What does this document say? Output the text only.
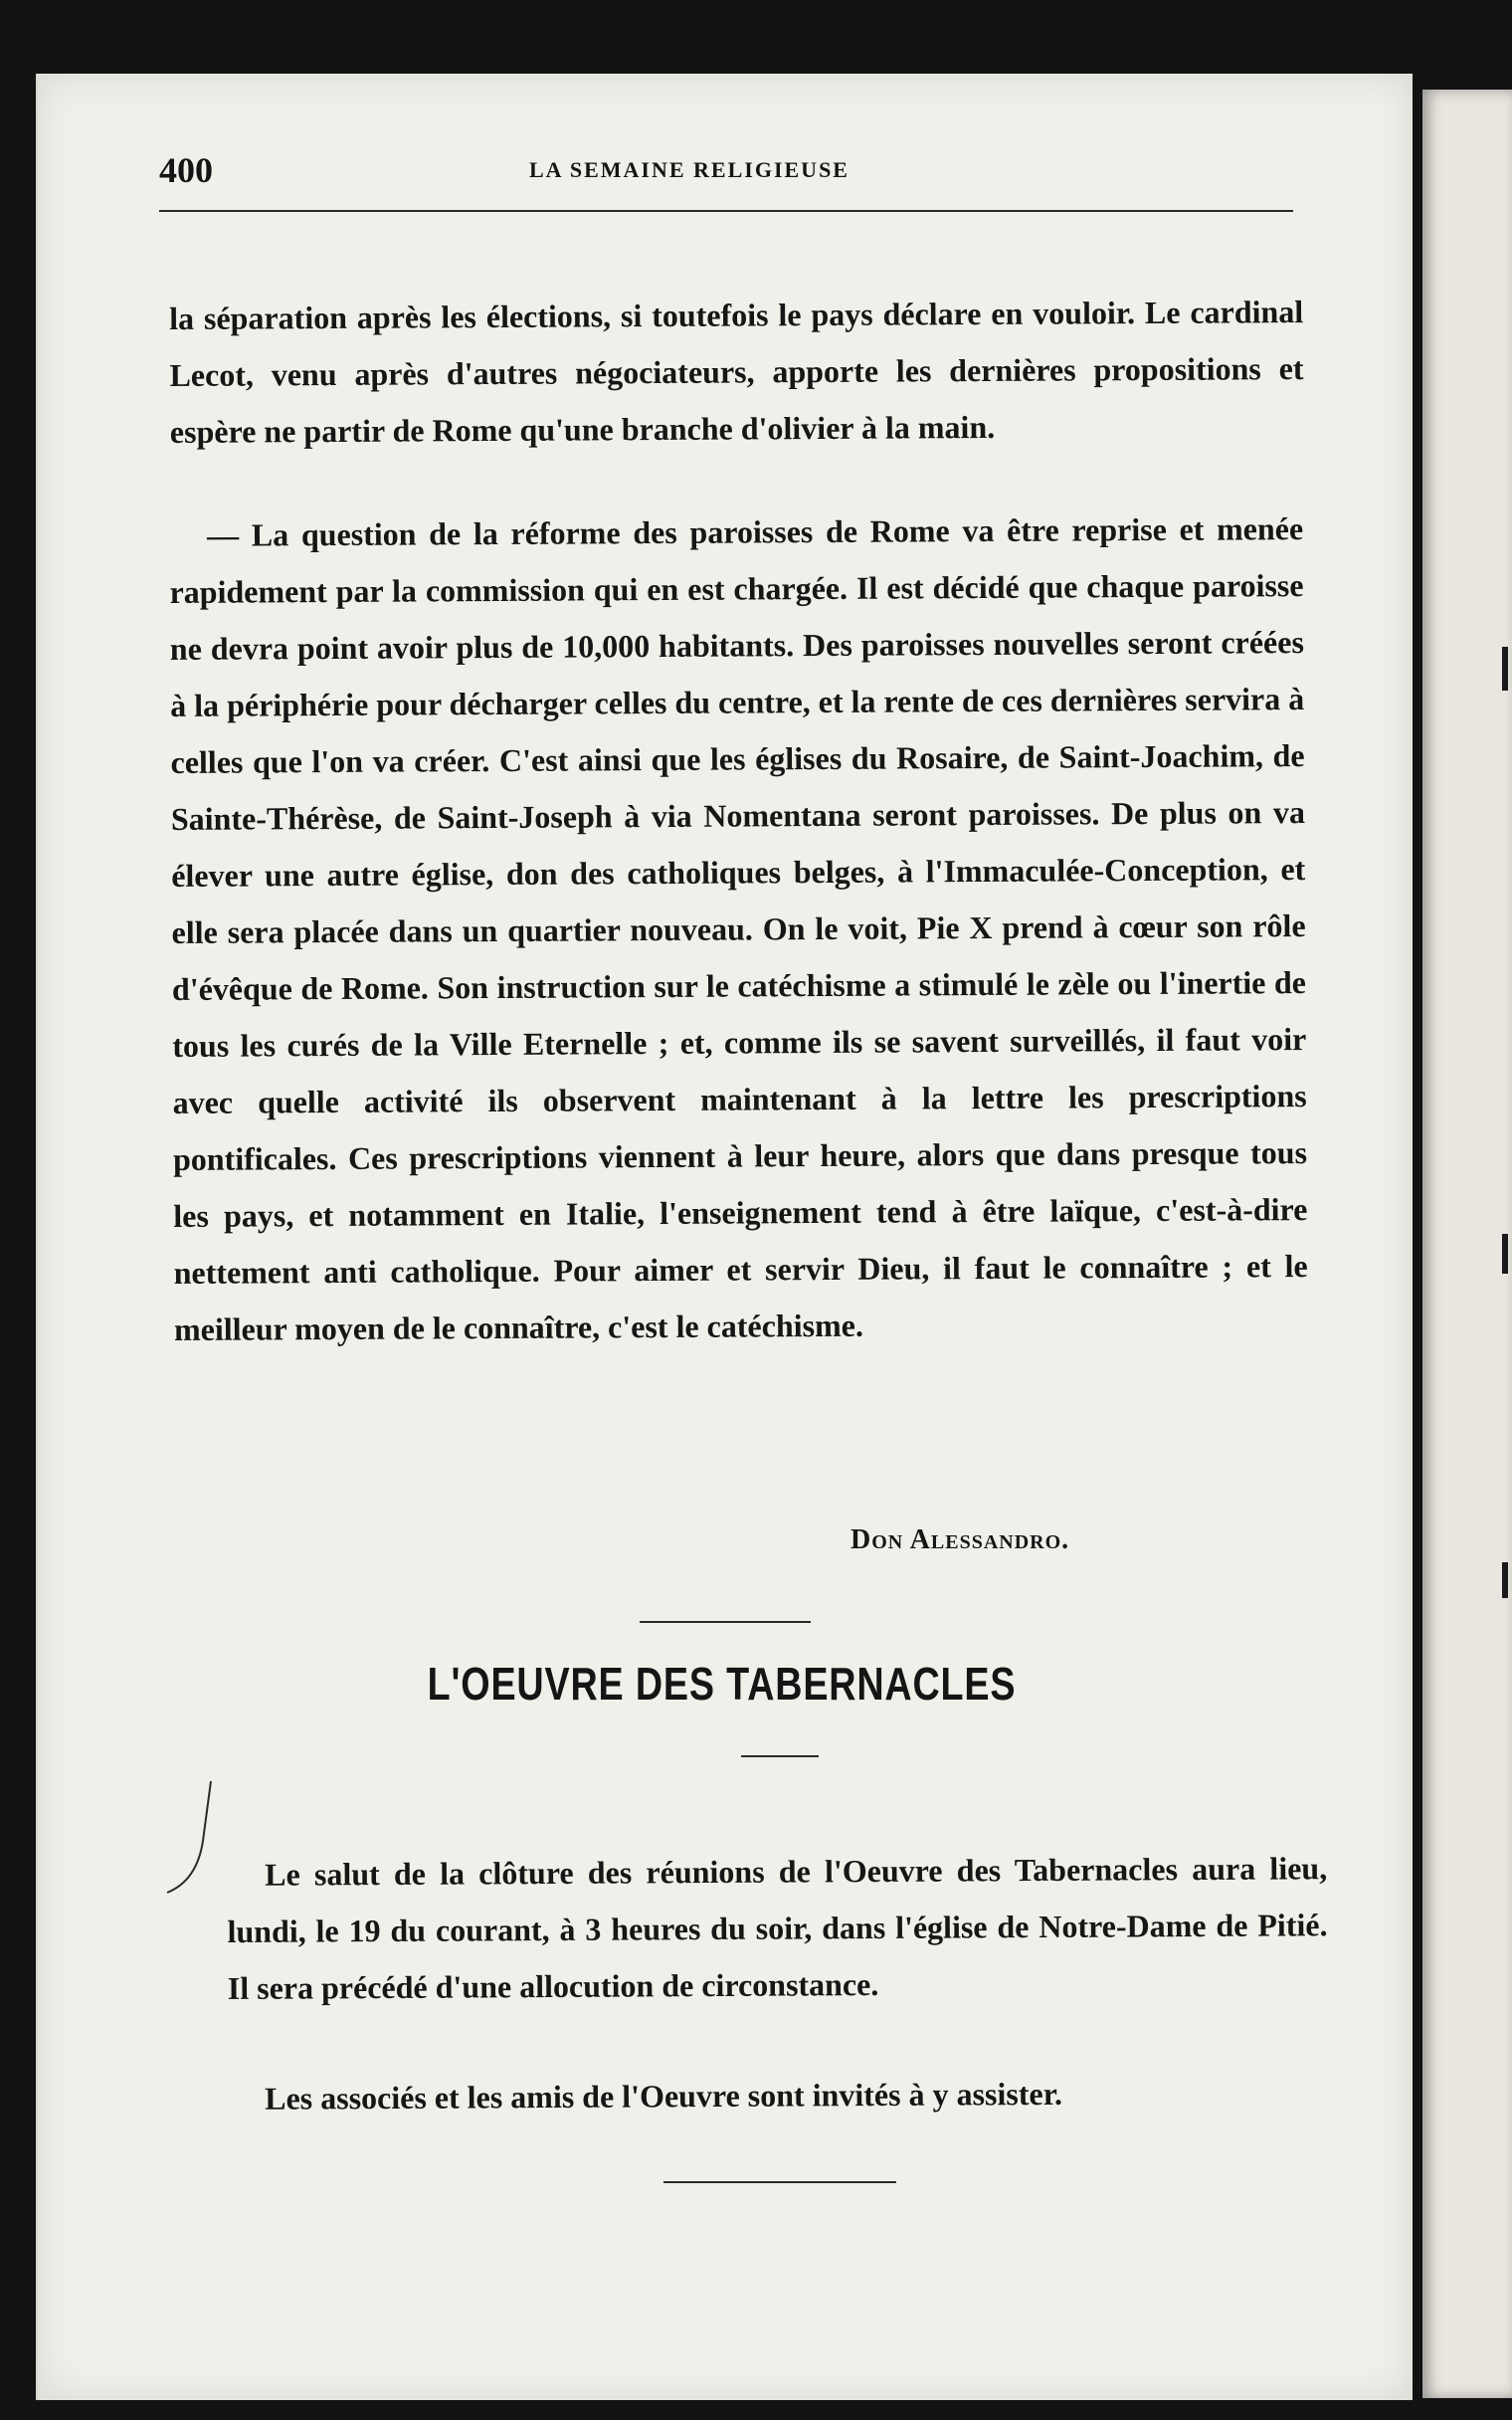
400	LA SEMAINE RELIGIEUSE

la séparation après les élections, si toutefois le pays déclare en vouloir. Le cardinal Lecot, venu après d'autres négociateurs, apporte les dernières propositions et espère ne partir de Rome qu'une branche d'olivier à la main.

— La question de la réforme des paroisses de Rome va être reprise et menée rapidement par la commission qui en est chargée. Il est décidé que chaque paroisse ne devra point avoir plus de 10,000 habitants. Des paroisses nouvelles seront créées à la périphérie pour décharger celles du centre, et la rente de ces dernières servira à celles que l'on va créer. C'est ainsi que les églises du Rosaire, de Saint-Joachim, de Sainte-Thérèse, de Saint-Joseph à via Nomentana seront paroisses. De plus on va élever une autre église, don des catholiques belges, à l'Immaculée-Conception, et elle sera placée dans un quartier nouveau. On le voit, Pie X prend à cœur son rôle d'évêque de Rome. Son instruction sur le catéchisme a stimulé le zèle ou l'inertie de tous les curés de la Ville Eternelle ; et, comme ils se savent surveillés, il faut voir avec quelle activité ils observent maintenant à la lettre les prescriptions pontificales. Ces prescriptions viennent à leur heure, alors que dans presque tous les pays, et notamment en Italie, l'enseignement tend à être laïque, c'est-à-dire nettement anti catholique. Pour aimer et servir Dieu, il faut le connaître ; et le meilleur moyen de le connaître, c'est le catéchisme.

Don Alessandro.
L'OEUVRE DES TABERNACLES

Le salut de la clôture des réunions de l'Oeuvre des Tabernacles aura lieu, lundi, le 19 du courant, à 3 heures du soir, dans l'église de Notre-Dame de Pitié. Il sera précédé d'une allocution de circonstance.

Les associés et les amis de l'Oeuvre sont invités à y assister.
